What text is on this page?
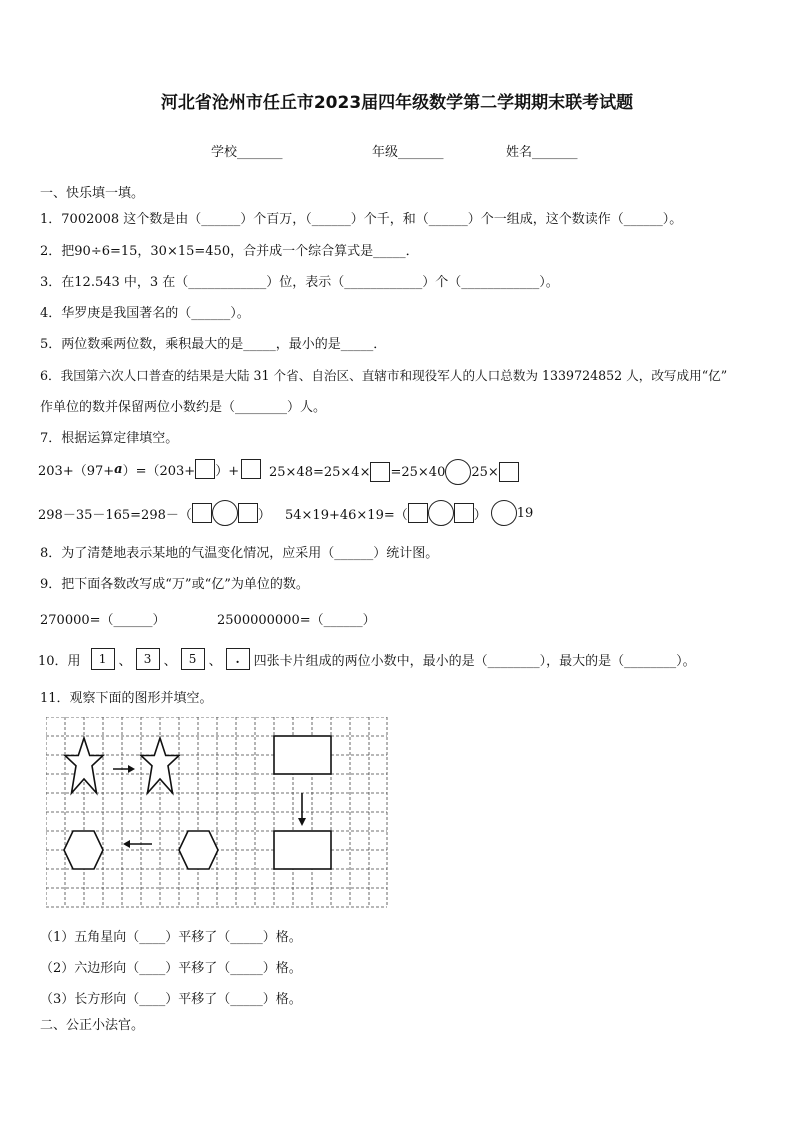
河北省沧州市任丘市2023届四年级数学第二学期期末联考试题
学校_______	年级_______	姓名_______
一、快乐填一填。
1．7002008 这个数是由（______）个百万，（______）个千，和（______）个一组成，这个数读作（______）。
2．把90÷6=15，30×15=450，合并成一个综合算式是_____．
3．在12.543 中，3 在（____________）位，表示（____________）个（____________）。
4．华罗庚是我国著名的（______）。
5．两位数乘两位数，乘积最大的是_____，最小的是_____．
6．我国第六次人口普查的结果是大陆 31 个省、自治区、直辖市和现役军人的人口总数为 1339724852 人，改写成用“亿”
作单位的数并保留两位小数约是（________）人。
7．根据运算定律填空。
203+（97+ a ）=（203+ ）+ 25×48=25×4× =25×40 25×
298－35－165=298－（	） 54×19+46×19=（	） 19
8．为了清楚地表示某地的气温变化情况，应采用（______）统计图。
9．把下面各数改写成“万”或“亿”为单位的数。
270000=（______）	2500000000=（______）
10．用	1 、	3 、	5 、	.	四张卡片组成的两位小数中，最小的是（________），最大的是（________）。
11．观察下面的图形并填空。
（1）五角星向（____）平移了（_____）格。
（2）六边形向（____）平移了（_____）格。
（3）长方形向（____）平移了（_____）格。
二、公正小法官。
